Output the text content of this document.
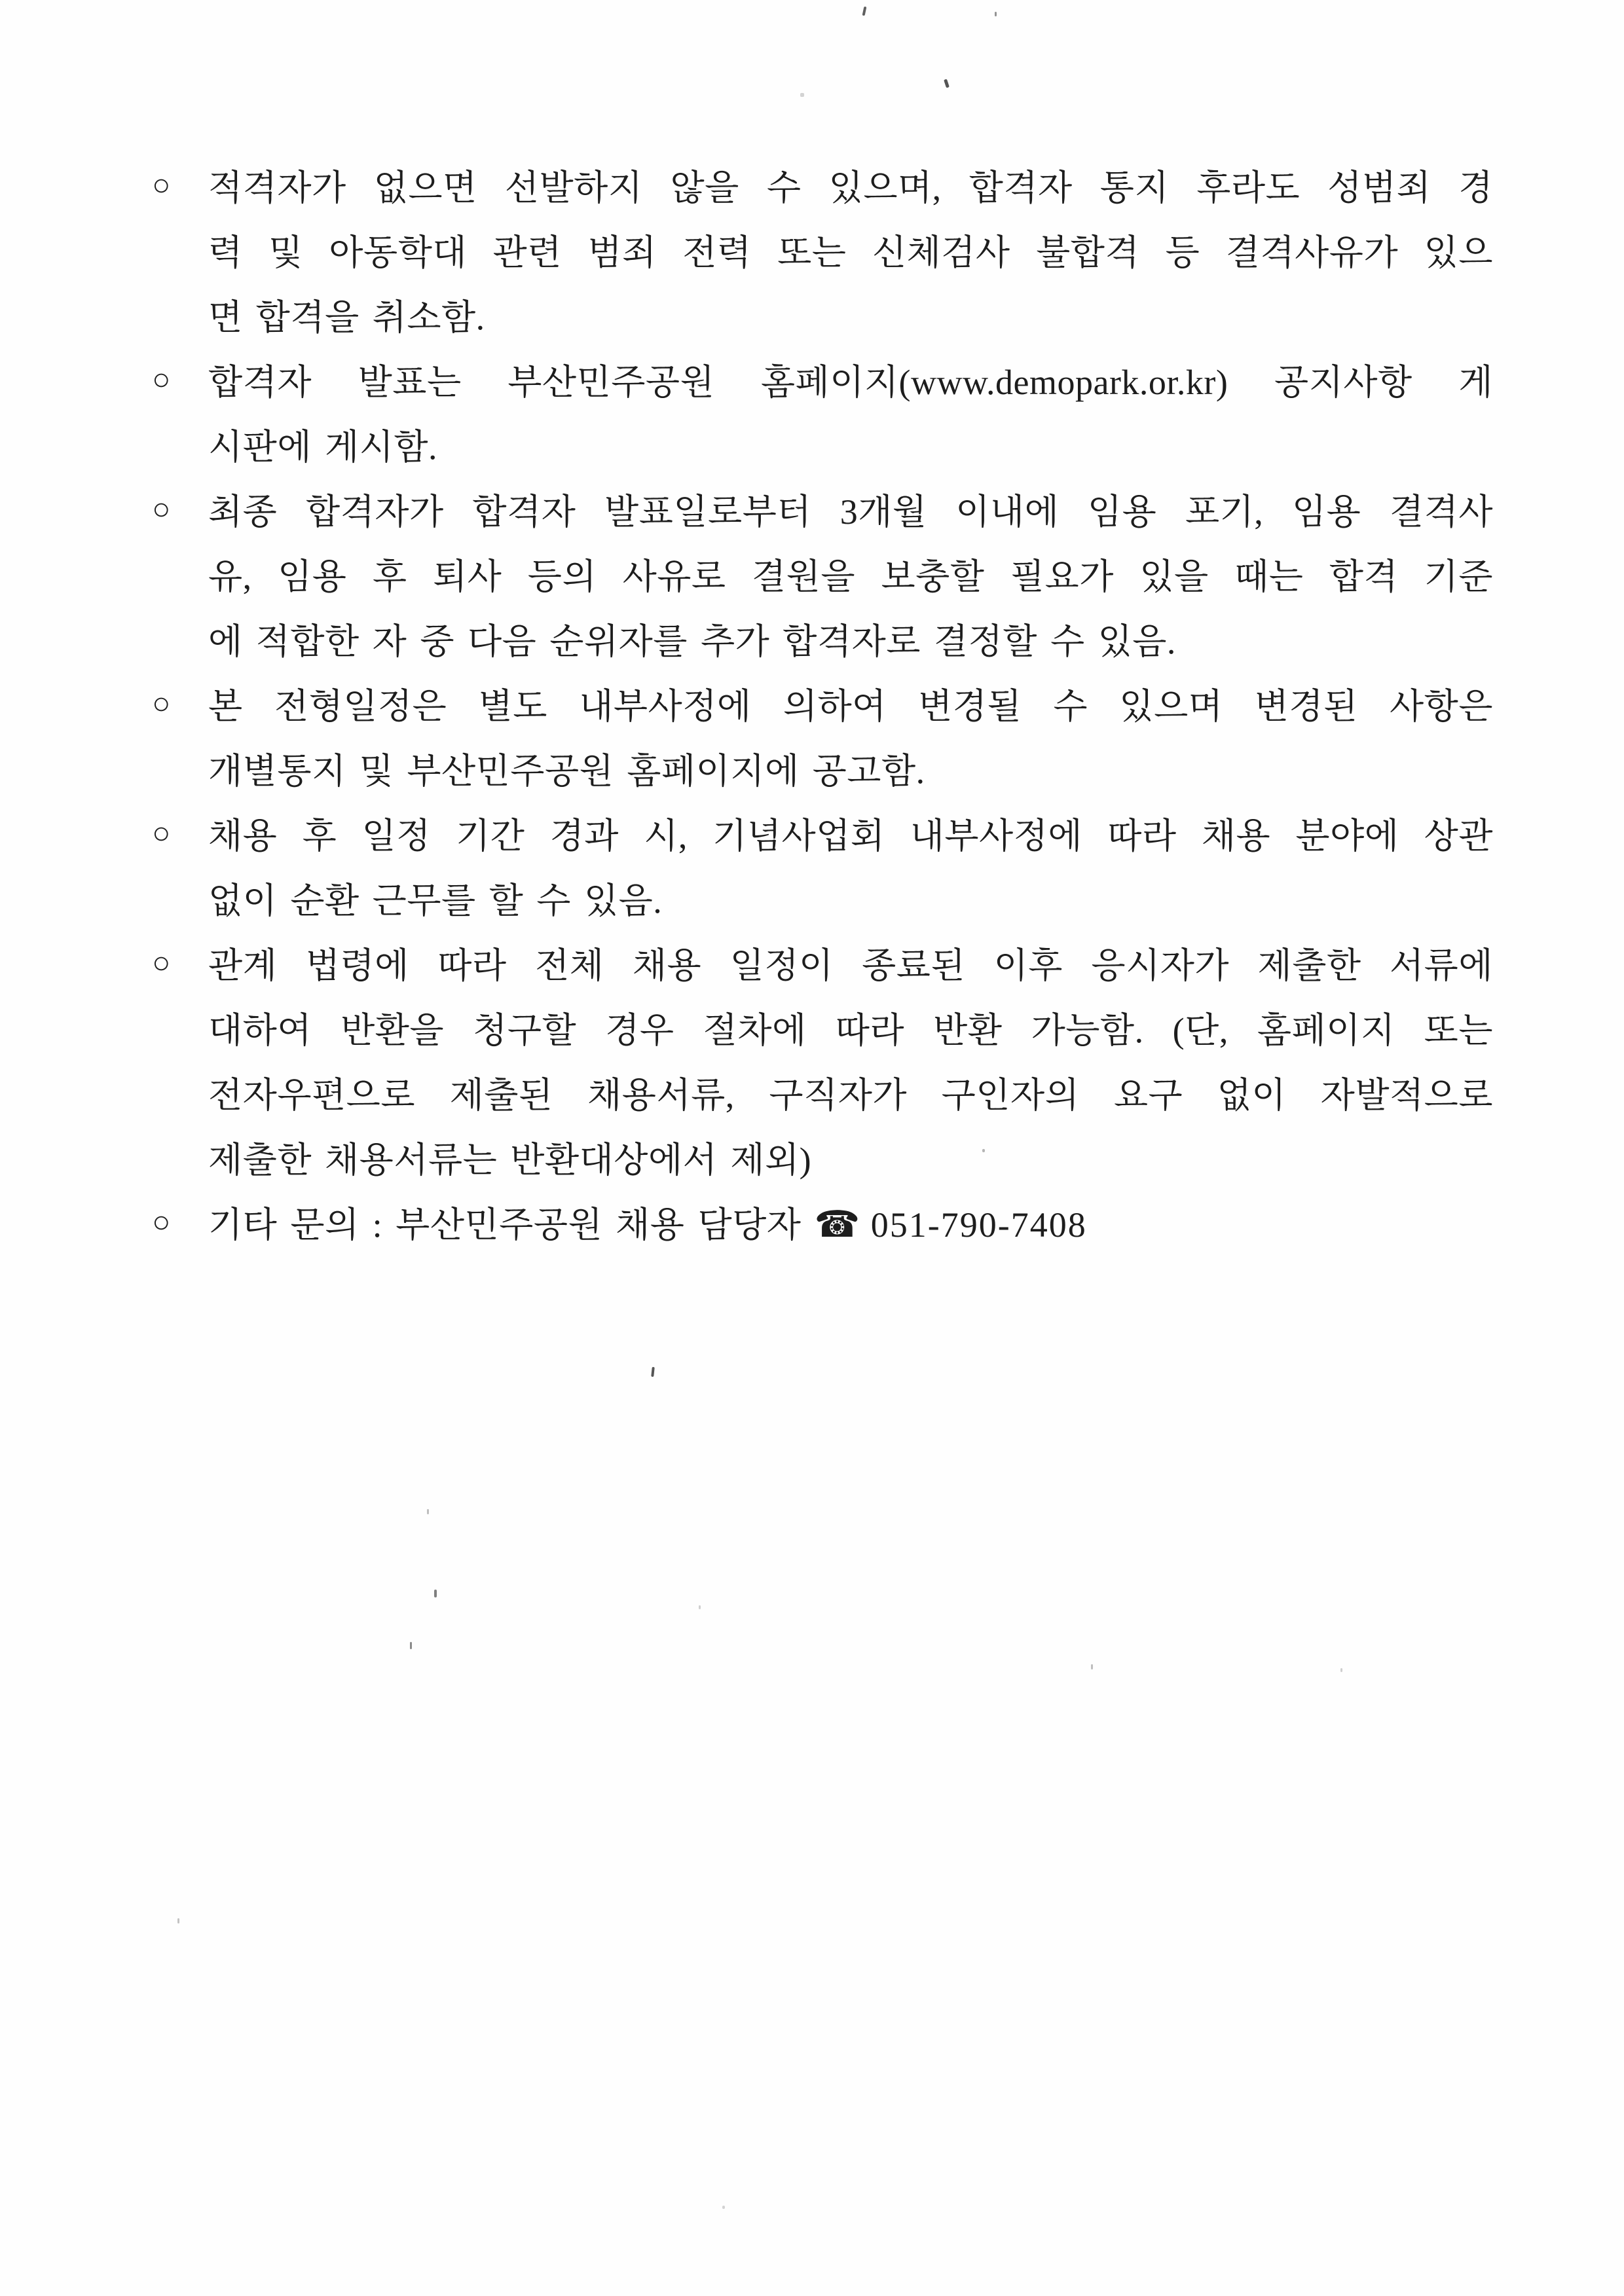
○	적격자가 없으면 선발하지 않을 수 있으며, 합격자 통지 후라도 성범죄 경
력 및 아동학대 관련 범죄 전력 또는 신체검사 불합격 등 결격사유가 있으
면 합격을 취소함.
○	합격자 발표는 부산민주공원 홈페이지(www.demopark.or.kr) 공지사항 게
시판에 게시함.
○	최종 합격자가 합격자 발표일로부터 3개월 이내에 임용 포기, 임용 결격사
유, 임용 후 퇴사 등의 사유로 결원을 보충할 필요가 있을 때는 합격 기준
에 적합한 자 중 다음 순위자를 추가 합격자로 결정할 수 있음.
○	본 전형일정은 별도 내부사정에 의하여 변경될 수 있으며 변경된 사항은
개별통지 및 부산민주공원 홈페이지에 공고함.
○	채용 후 일정 기간 경과 시, 기념사업회 내부사정에 따라 채용 분야에 상관
없이 순환 근무를 할 수 있음.
○	관계 법령에 따라 전체 채용 일정이 종료된 이후 응시자가 제출한 서류에
대하여 반환을 청구할 경우 절차에 따라 반환 가능함. (단, 홈페이지 또는
전자우편으로 제출된 채용서류, 구직자가 구인자의 요구 없이 자발적으로
제출한 채용서류는 반환대상에서 제외)
○	기타 문의 : 부산민주공원 채용 담당자 ☎ 051-790-7408
